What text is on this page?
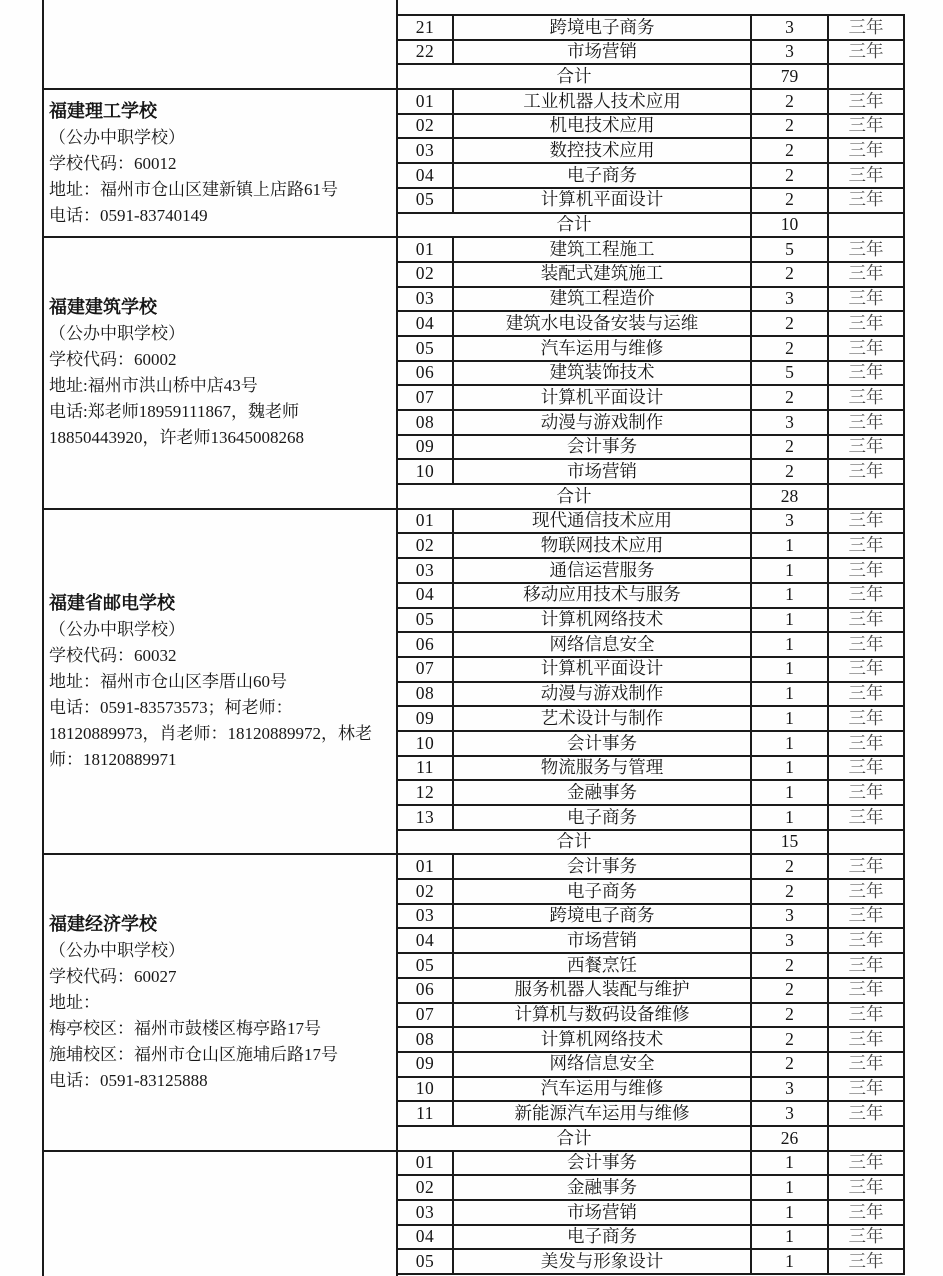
	21	跨境电子商务	3	三年
	22	市场营销	3	三年
	合计		79	

福建理工学校
（公办中职学校）
学校代码：60012
地址：福州市仓山区建新镇上店路61号
电话：0591-83740149	01	工业机器人技术应用	2	三年
	02	机电技术应用	2	三年
	03	数控技术应用	2	三年
	04	电子商务	2	三年
	05	计算机平面设计	2	三年
	合计		10	

福建建筑学校
（公办中职学校）
学校代码：60002
地址:福州市洪山桥中店43号
电话:郑老师18959111867，魏老师18850443920，许老师13645008268	01	建筑工程施工	5	三年
	02	装配式建筑施工	2	三年
	03	建筑工程造价	3	三年
	04	建筑水电设备安装与运维	2	三年
	05	汽车运用与维修	2	三年
	06	建筑装饰技术	5	三年
	07	计算机平面设计	2	三年
	08	动漫与游戏制作	3	三年
	09	会计事务	2	三年
	10	市场营销	2	三年
	合计		28	

福建省邮电学校
（公办中职学校）
学校代码：60032
地址：福州市仓山区李厝山60号
电话：0591-83573573；柯老师：18120889973，肖老师：18120889972，林老师：18120889971	01	现代通信技术应用	3	三年
	02	物联网技术应用	1	三年
	03	通信运营服务	1	三年
	04	移动应用技术与服务	1	三年
	05	计算机网络技术	1	三年
	06	网络信息安全	1	三年
	07	计算机平面设计	1	三年
	08	动漫与游戏制作	1	三年
	09	艺术设计与制作	1	三年
	10	会计事务	1	三年
	11	物流服务与管理	1	三年
	12	金融事务	1	三年
	13	电子商务	1	三年
	合计		15	

福建经济学校
（公办中职学校）
学校代码：60027
地址：
梅亭校区：福州市鼓楼区梅亭路17号
施埔校区：福州市仓山区施埔后路17号
电话：0591-83125888
	01	会计事务	2	三年
	02	电子商务	2	三年
	03	跨境电子商务	3	三年
	04	市场营销	3	三年
	05	西餐烹饪	2	三年
	06	服务机器人装配与维护	2	三年
	07	计算机与数码设备维修	2	三年
	08	计算机网络技术	2	三年
	09	网络信息安全	2	三年
	10	汽车运用与维修	3	三年
	11	新能源汽车运用与维修	3	三年
	合计		26	
	01	会计事务	1	三年
	02	金融事务	1	三年
	03	市场营销	1	三年
	04	电子商务	1	三年
	05	美发与形象设计	1	三年
